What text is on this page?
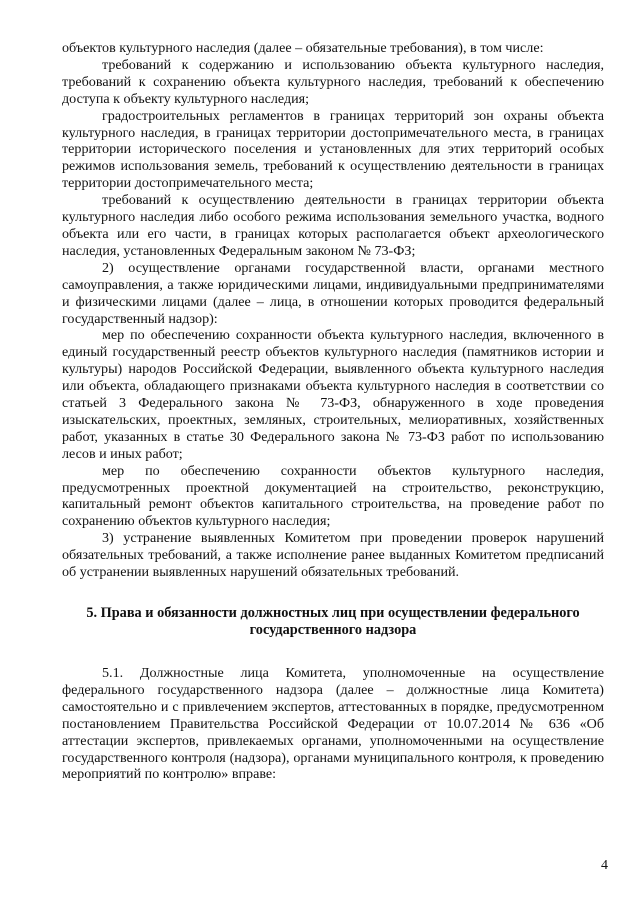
объектов культурного наследия (далее – обязательные требования), в том числе:

требований к содержанию и использованию объекта культурного наследия, требований к сохранению объекта культурного наследия, требований к обеспечению доступа к объекту культурного наследия;

градостроительных регламентов в границах территорий зон охраны объекта культурного наследия, в границах территории достопримечательного места, в границах территории исторического поселения и установленных для этих территорий особых режимов использования земель, требований к осуществлению деятельности в границах территории достопримечательного места;

требований к осуществлению деятельности в границах территории объекта культурного наследия либо особого режима использования земельного участка, водного объекта или его части, в границах которых располагается объект археологического наследия, установленных Федеральным законом № 73-ФЗ;

2) осуществление органами государственной власти, органами местного самоуправления, а также юридическими лицами, индивидуальными предпринимателями и физическими лицами (далее – лица, в отношении которых проводится федеральный государственный надзор):

мер по обеспечению сохранности объекта культурного наследия, включенного в единый государственный реестр объектов культурного наследия (памятников истории и культуры) народов Российской Федерации, выявленного объекта культурного наследия или объекта, обладающего признаками объекта культурного наследия в соответствии со статьей 3 Федерального закона № 73-ФЗ, обнаруженного в ходе проведения изыскательских, проектных, земляных, строительных, мелиоративных, хозяйственных работ, указанных в статье 30 Федерального закона № 73-ФЗ работ по использованию лесов и иных работ;

мер по обеспечению сохранности объектов культурного наследия, предусмотренных проектной документацией на строительство, реконструкцию, капитальный ремонт объектов капитального строительства, на проведение работ по сохранению объектов культурного наследия;

3) устранение выявленных Комитетом при проведении проверок нарушений обязательных требований, а также исполнение ранее выданных Комитетом предписаний об устранении выявленных нарушений обязательных требований.

5. Права и обязанности должностных лиц при осуществлении федерального
государственного надзора

5.1. Должностные лица Комитета, уполномоченные на осуществление федерального государственного надзора (далее – должностные лица Комитета) самостоятельно и с привлечением экспертов, аттестованных в порядке, предусмотренном постановлением Правительства Российской Федерации от 10.07.2014 № 636 «Об аттестации экспертов, привлекаемых органами, уполномоченными на осуществление государственного контроля (надзора), органами муниципального контроля, к проведению мероприятий по контролю» вправе:

4
